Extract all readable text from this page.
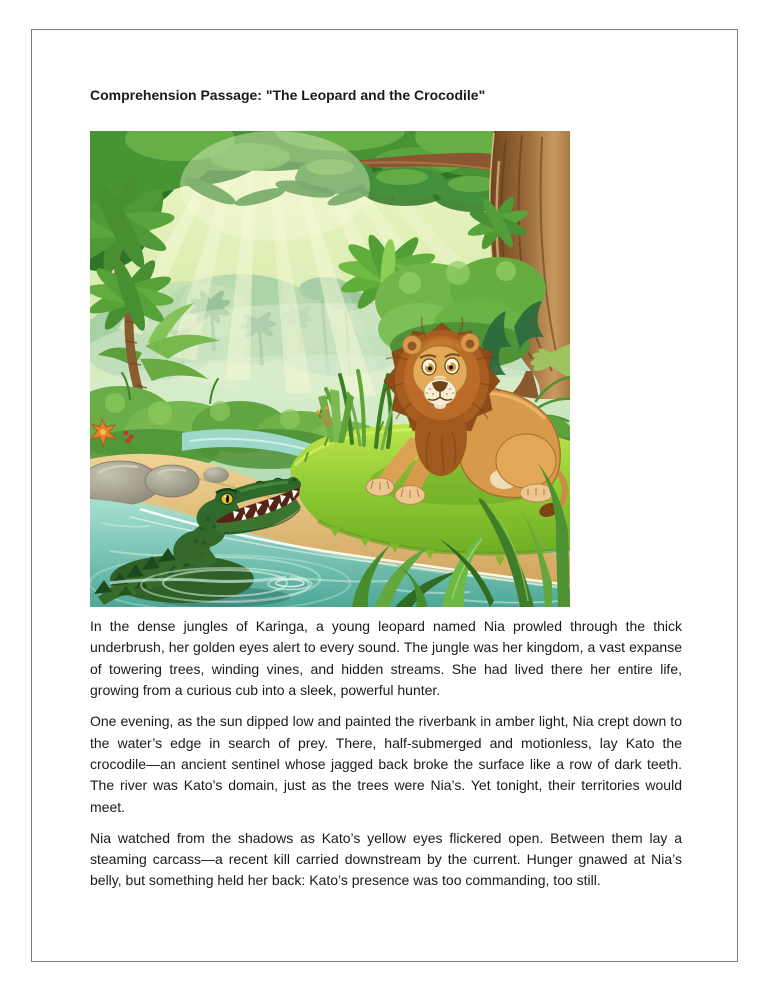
Comprehension Passage: "The Leopard and the Crocodile"

In the dense jungles of Karinga, a young leopard named Nia prowled through the thick underbrush, her golden eyes alert to every sound. The jungle was her kingdom, a vast expanse of towering trees, winding vines, and hidden streams. She had lived there her entire life, growing from a curious cub into a sleek, powerful hunter.

One evening, as the sun dipped low and painted the riverbank in amber light, Nia crept down to the water’s edge in search of prey. There, half-submerged and motionless, lay Kato the crocodile—an ancient sentinel whose jagged back broke the surface like a row of dark teeth. The river was Kato’s domain, just as the trees were Nia’s. Yet tonight, their territories would meet.

Nia watched from the shadows as Kato’s yellow eyes flickered open. Between them lay a steaming carcass—a recent kill carried downstream by the current. Hunger gnawed at Nia’s belly, but something held her back: Kato’s presence was too commanding, too still.
